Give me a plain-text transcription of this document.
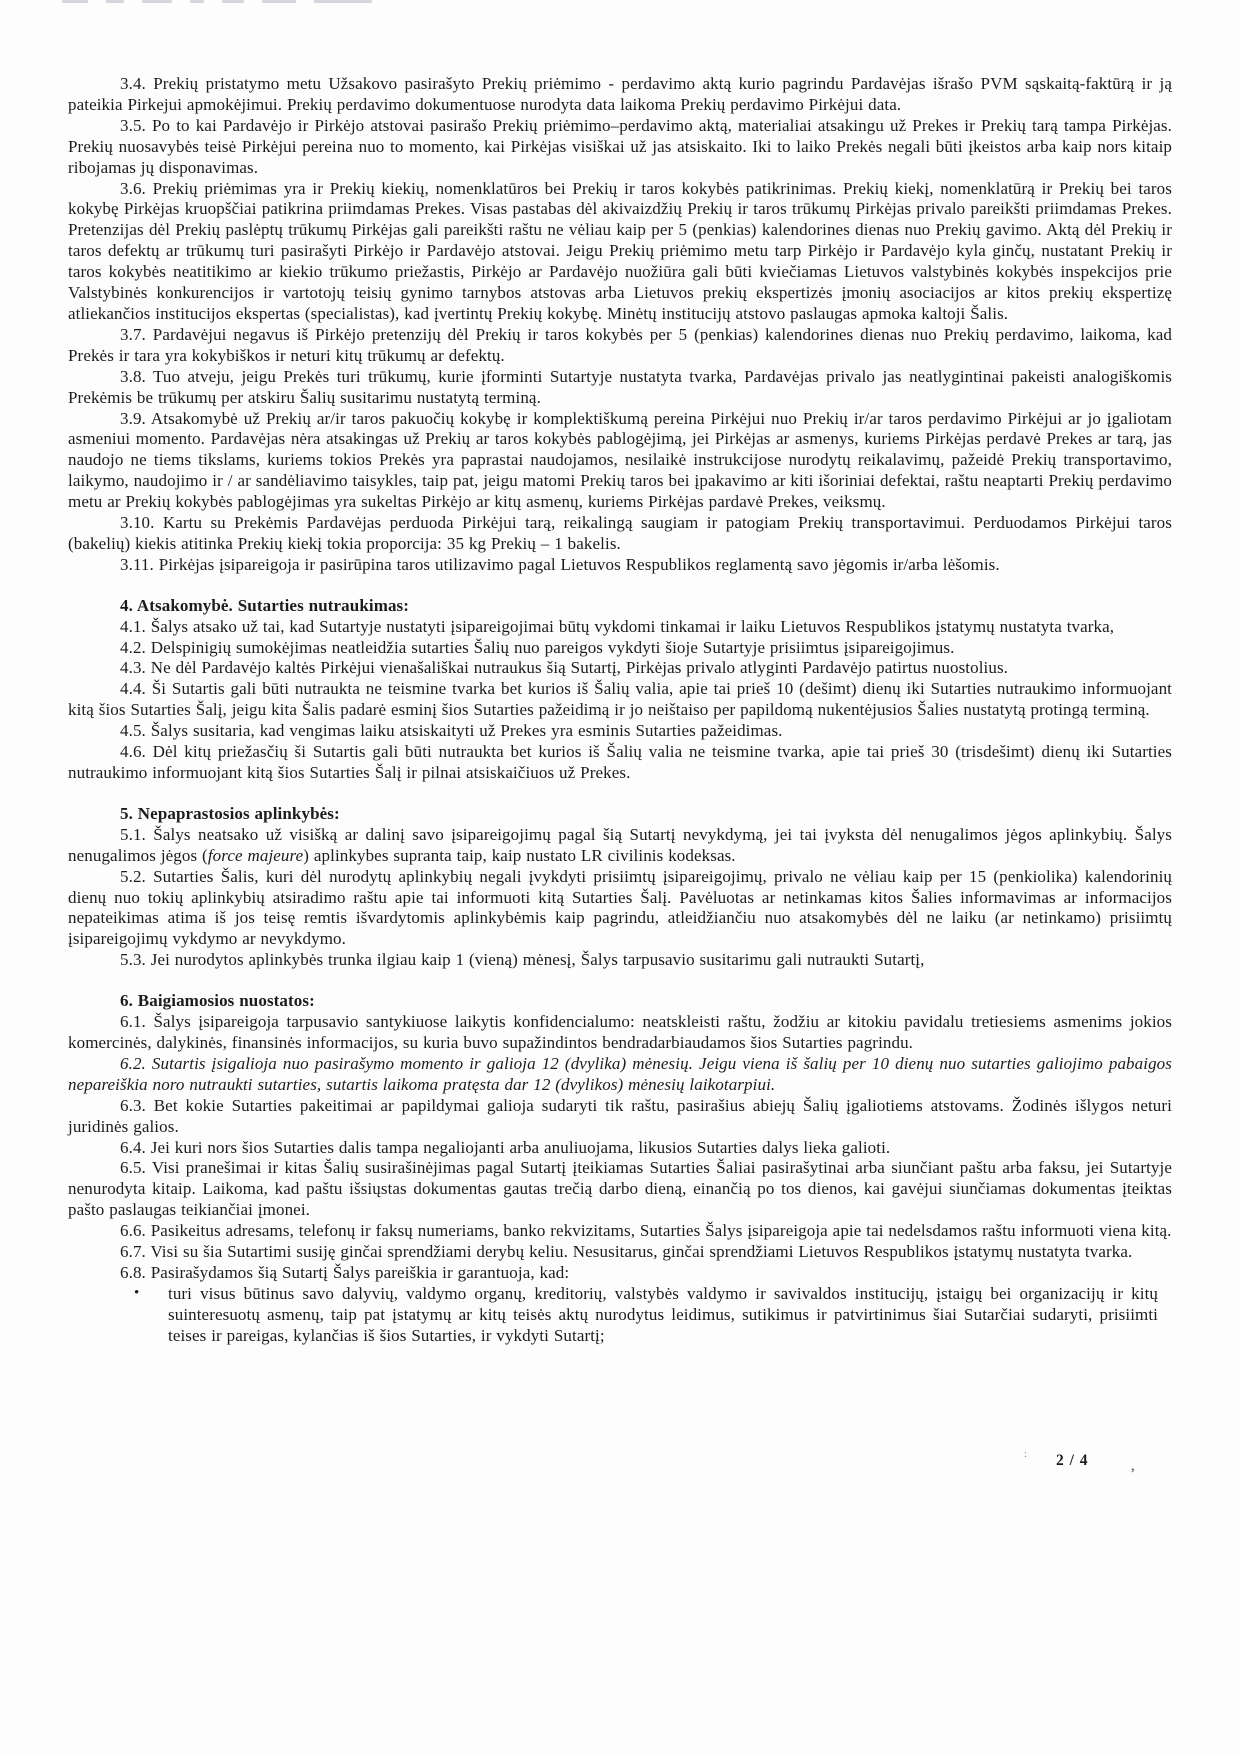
3.4. Prekių pristatymo metu Užsakovo pasirašyto Prekių priėmimo - perdavimo aktą kurio pagrindu Pardavėjas išrašo PVM sąskaitą-faktūrą ir ją pateikia Pirkejui apmokėjimui. Prekių perdavimo dokumentuose nurodyta data laikoma Prekių perdavimo Pirkėjui data.

3.5. Po to kai Pardavėjo ir Pirkėjo atstovai pasirašo Prekių priėmimo–perdavimo aktą, materialiai atsakingu už Prekes ir Prekių tarą tampa Pirkėjas. Prekių nuosavybės teisė Pirkėjui pereina nuo to momento, kai Pirkėjas visiškai už jas atsiskaito. Iki to laiko Prekės negali būti įkeistos arba kaip nors kitaip ribojamas jų disponavimas.

3.6. Prekių priėmimas yra ir Prekių kiekių, nomenklatūros bei Prekių ir taros kokybės patikrinimas. Prekių kiekį, nomenklatūrą ir Prekių bei taros kokybę Pirkėjas kruopščiai patikrina priimdamas Prekes. Visas pastabas dėl akivaizdžių Prekių ir taros trūkumų Pirkėjas privalo pareikšti priimdamas Prekes. Pretenzijas dėl Prekių paslėptų trūkumų Pirkėjas gali pareikšti raštu ne vėliau kaip per 5 (penkias) kalendorines dienas nuo Prekių gavimo. Aktą dėl Prekių ir taros defektų ar trūkumų turi pasirašyti Pirkėjo ir Pardavėjo atstovai. Jeigu Prekių priėmimo metu tarp Pirkėjo ir Pardavėjo kyla ginčų, nustatant Prekių ir taros kokybės neatitikimo ar kiekio trūkumo priežastis, Pirkėjo ar Pardavėjo nuožiūra gali būti kviečiamas Lietuvos valstybinės kokybės inspekcijos prie Valstybinės konkurencijos ir vartotojų teisių gynimo tarnybos atstovas arba Lietuvos prekių ekspertizės įmonių asociacijos ar kitos prekių ekspertizę atliekančios institucijos ekspertas (specialistas), kad įvertintų Prekių kokybę. Minėtų institucijų atstovo paslaugas apmoka kaltoji Šalis.

3.7. Pardavėjui negavus iš Pirkėjo pretenzijų dėl Prekių ir taros kokybės per 5 (penkias) kalendorines dienas nuo Prekių perdavimo, laikoma, kad Prekės ir tara yra kokybiškos ir neturi kitų trūkumų ar defektų.

3.8. Tuo atveju, jeigu Prekės turi trūkumų, kurie įforminti Sutartyje nustatyta tvarka, Pardavėjas privalo jas neatlygintinai pakeisti analogiškomis Prekėmis be trūkumų per atskiru Šalių susitarimu nustatytą terminą.

3.9. Atsakomybė už Prekių ar/ir taros pakuočių kokybę ir komplektiškumą pereina Pirkėjui nuo Prekių ir/ar taros perdavimo Pirkėjui ar jo įgaliotam asmeniui momento. Pardavėjas nėra atsakingas už Prekių ar taros kokybės pablogėjimą, jei Pirkėjas ar asmenys, kuriems Pirkėjas perdavė Prekes ar tarą, jas naudojo ne tiems tikslams, kuriems tokios Prekės yra paprastai naudojamos, nesilaikė instrukcijose nurodytų reikalavimų, pažeidė Prekių transportavimo, laikymo, naudojimo ir / ar sandėliavimo taisykles, taip pat, jeigu matomi Prekių taros bei įpakavimo ar kiti išoriniai defektai, raštu neaptarti Prekių perdavimo metu ar Prekių kokybės pablogėjimas yra sukeltas Pirkėjo ar kitų asmenų, kuriems Pirkėjas pardavė Prekes, veiksmų.

3.10. Kartu su Prekėmis Pardavėjas perduoda Pirkėjui tarą, reikalingą saugiam ir patogiam Prekių transportavimui. Perduodamos Pirkėjui taros (bakelių) kiekis atitinka Prekių kiekį tokia proporcija: 35 kg Prekių – 1 bakelis.

3.11. Pirkėjas įsipareigoja ir pasirūpina taros utilizavimo pagal Lietuvos Respublikos reglamentą savo jėgomis ir/arba lėšomis.

4. Atsakomybė. Sutarties nutraukimas:

4.1. Šalys atsako už tai, kad Sutartyje nustatyti įsipareigojimai būtų vykdomi tinkamai ir laiku Lietuvos Respublikos įstatymų nustatyta tvarka,

4.2. Delspinigių sumokėjimas neatleidžia sutarties Šalių nuo pareigos vykdyti šioje Sutartyje prisiimtus įsipareigojimus.

4.3. Ne dėl Pardavėjo kaltės Pirkėjui vienašališkai nutraukus šią Sutartį, Pirkėjas privalo atlyginti Pardavėjo patirtus nuostolius.

4.4. Ši Sutartis gali būti nutraukta ne teismine tvarka bet kurios iš Šalių valia, apie tai prieš 10 (dešimt) dienų iki Sutarties nutraukimo informuojant kitą šios Sutarties Šalį, jeigu kita Šalis padarė esminį šios Sutarties pažeidimą ir jo neištaiso per papildomą nukentėjusios Šalies nustatytą protingą terminą.

4.5. Šalys susitaria, kad vengimas laiku atsiskaityti už Prekes yra esminis Sutarties pažeidimas.

4.6. Dėl kitų priežasčių ši Sutartis gali būti nutraukta bet kurios iš Šalių valia ne teismine tvarka, apie tai prieš 30 (trisdešimt) dienų iki Sutarties nutraukimo informuojant kitą šios Sutarties Šalį ir pilnai atsiskaičiuos už Prekes.

5. Nepaprastosios aplinkybės:

5.1. Šalys neatsako už visišką ar dalinį savo įsipareigojimų pagal šią Sutartį nevykdymą, jei tai įvyksta dėl nenugalimos jėgos aplinkybių. Šalys nenugalimos jėgos (force majeure) aplinkybes supranta taip, kaip nustato LR civilinis kodeksas.

5.2. Sutarties Šalis, kuri dėl nurodytų aplinkybių negali įvykdyti prisiimtų įsipareigojimų, privalo ne vėliau kaip per 15 (penkiolika) kalendorinių dienų nuo tokių aplinkybių atsiradimo raštu apie tai informuoti kitą Sutarties Šalį. Pavėluotas ar netinkamas kitos Šalies informavimas ar informacijos nepateikimas atima iš jos teisę remtis išvardytomis aplinkybėmis kaip pagrindu, atleidžiančiu nuo atsakomybės dėl ne laiku (ar netinkamo) prisiimtų įsipareigojimų vykdymo ar nevykdymo.

5.3. Jei nurodytos aplinkybės trunka ilgiau kaip 1 (vieną) mėnesį, Šalys tarpusavio susitarimu gali nutraukti Sutartį,

6. Baigiamosios nuostatos:

6.1. Šalys įsipareigoja tarpusavio santykiuose laikytis konfidencialumo: neatskleisti raštu, žodžiu ar kitokiu pavidalu tretiesiems asmenims jokios komercinės, dalykinės, finansinės informacijos, su kuria buvo supažindintos bendradarbiaudamos šios Sutarties pagrindu.

6.2. Sutartis įsigalioja nuo pasirašymo momento ir galioja 12 (dvylika) mėnesių. Jeigu viena iš šalių per 10 dienų nuo sutarties galiojimo pabaigos nepareiškia noro nutraukti sutarties, sutartis laikoma pratęsta dar 12 (dvylikos) mėnesių laikotarpiui.

6.3. Bet kokie Sutarties pakeitimai ar papildymai galioja sudaryti tik raštu, pasirašius abiejų Šalių įgaliotiems atstovams. Žodinės išlygos neturi juridinės galios.

6.4. Jei kuri nors šios Sutarties dalis tampa negaliojanti arba anuliuojama, likusios Sutarties dalys lieka galioti.

6.5. Visi pranešimai ir kitas Šalių susirašinėjimas pagal Sutartį įteikiamas Sutarties Šaliai pasirašytinai arba siunčiant paštu arba faksu, jei Sutartyje nenurodyta kitaip. Laikoma, kad paštu išsiųstas dokumentas gautas trečią darbo dieną, einančią po tos dienos, kai gavėjui siunčiamas dokumentas įteiktas pašto paslaugas teikiančiai įmonei.

6.6. Pasikeitus adresams, telefonų ir faksų numeriams, banko rekvizitams, Sutarties Šalys įsipareigoja apie tai nedelsdamos raštu informuoti viena kitą.

6.7. Visi su šia Sutartimi susiję ginčai sprendžiami derybų keliu. Nesusitarus, ginčai sprendžiami Lietuvos Respublikos įstatymų nustatyta tvarka.

6.8. Pasirašydamos šią Sutartį Šalys pareiškia ir garantuoja, kad:

• turi visus būtinus savo dalyvių, valdymo organų, kreditorių, valstybės valdymo ir savivaldos institucijų, įstaigų bei organizacijų ir kitų suinteresuotų asmenų, taip pat įstatymų ar kitų teisės aktų nurodytus leidimus, sutikimus ir patvirtinimus šiai Sutarčiai sudaryti, prisiimti teises ir pareigas, kylančias iš šios Sutarties, ir vykdyti Sutartį;

: 2 / 4	,
